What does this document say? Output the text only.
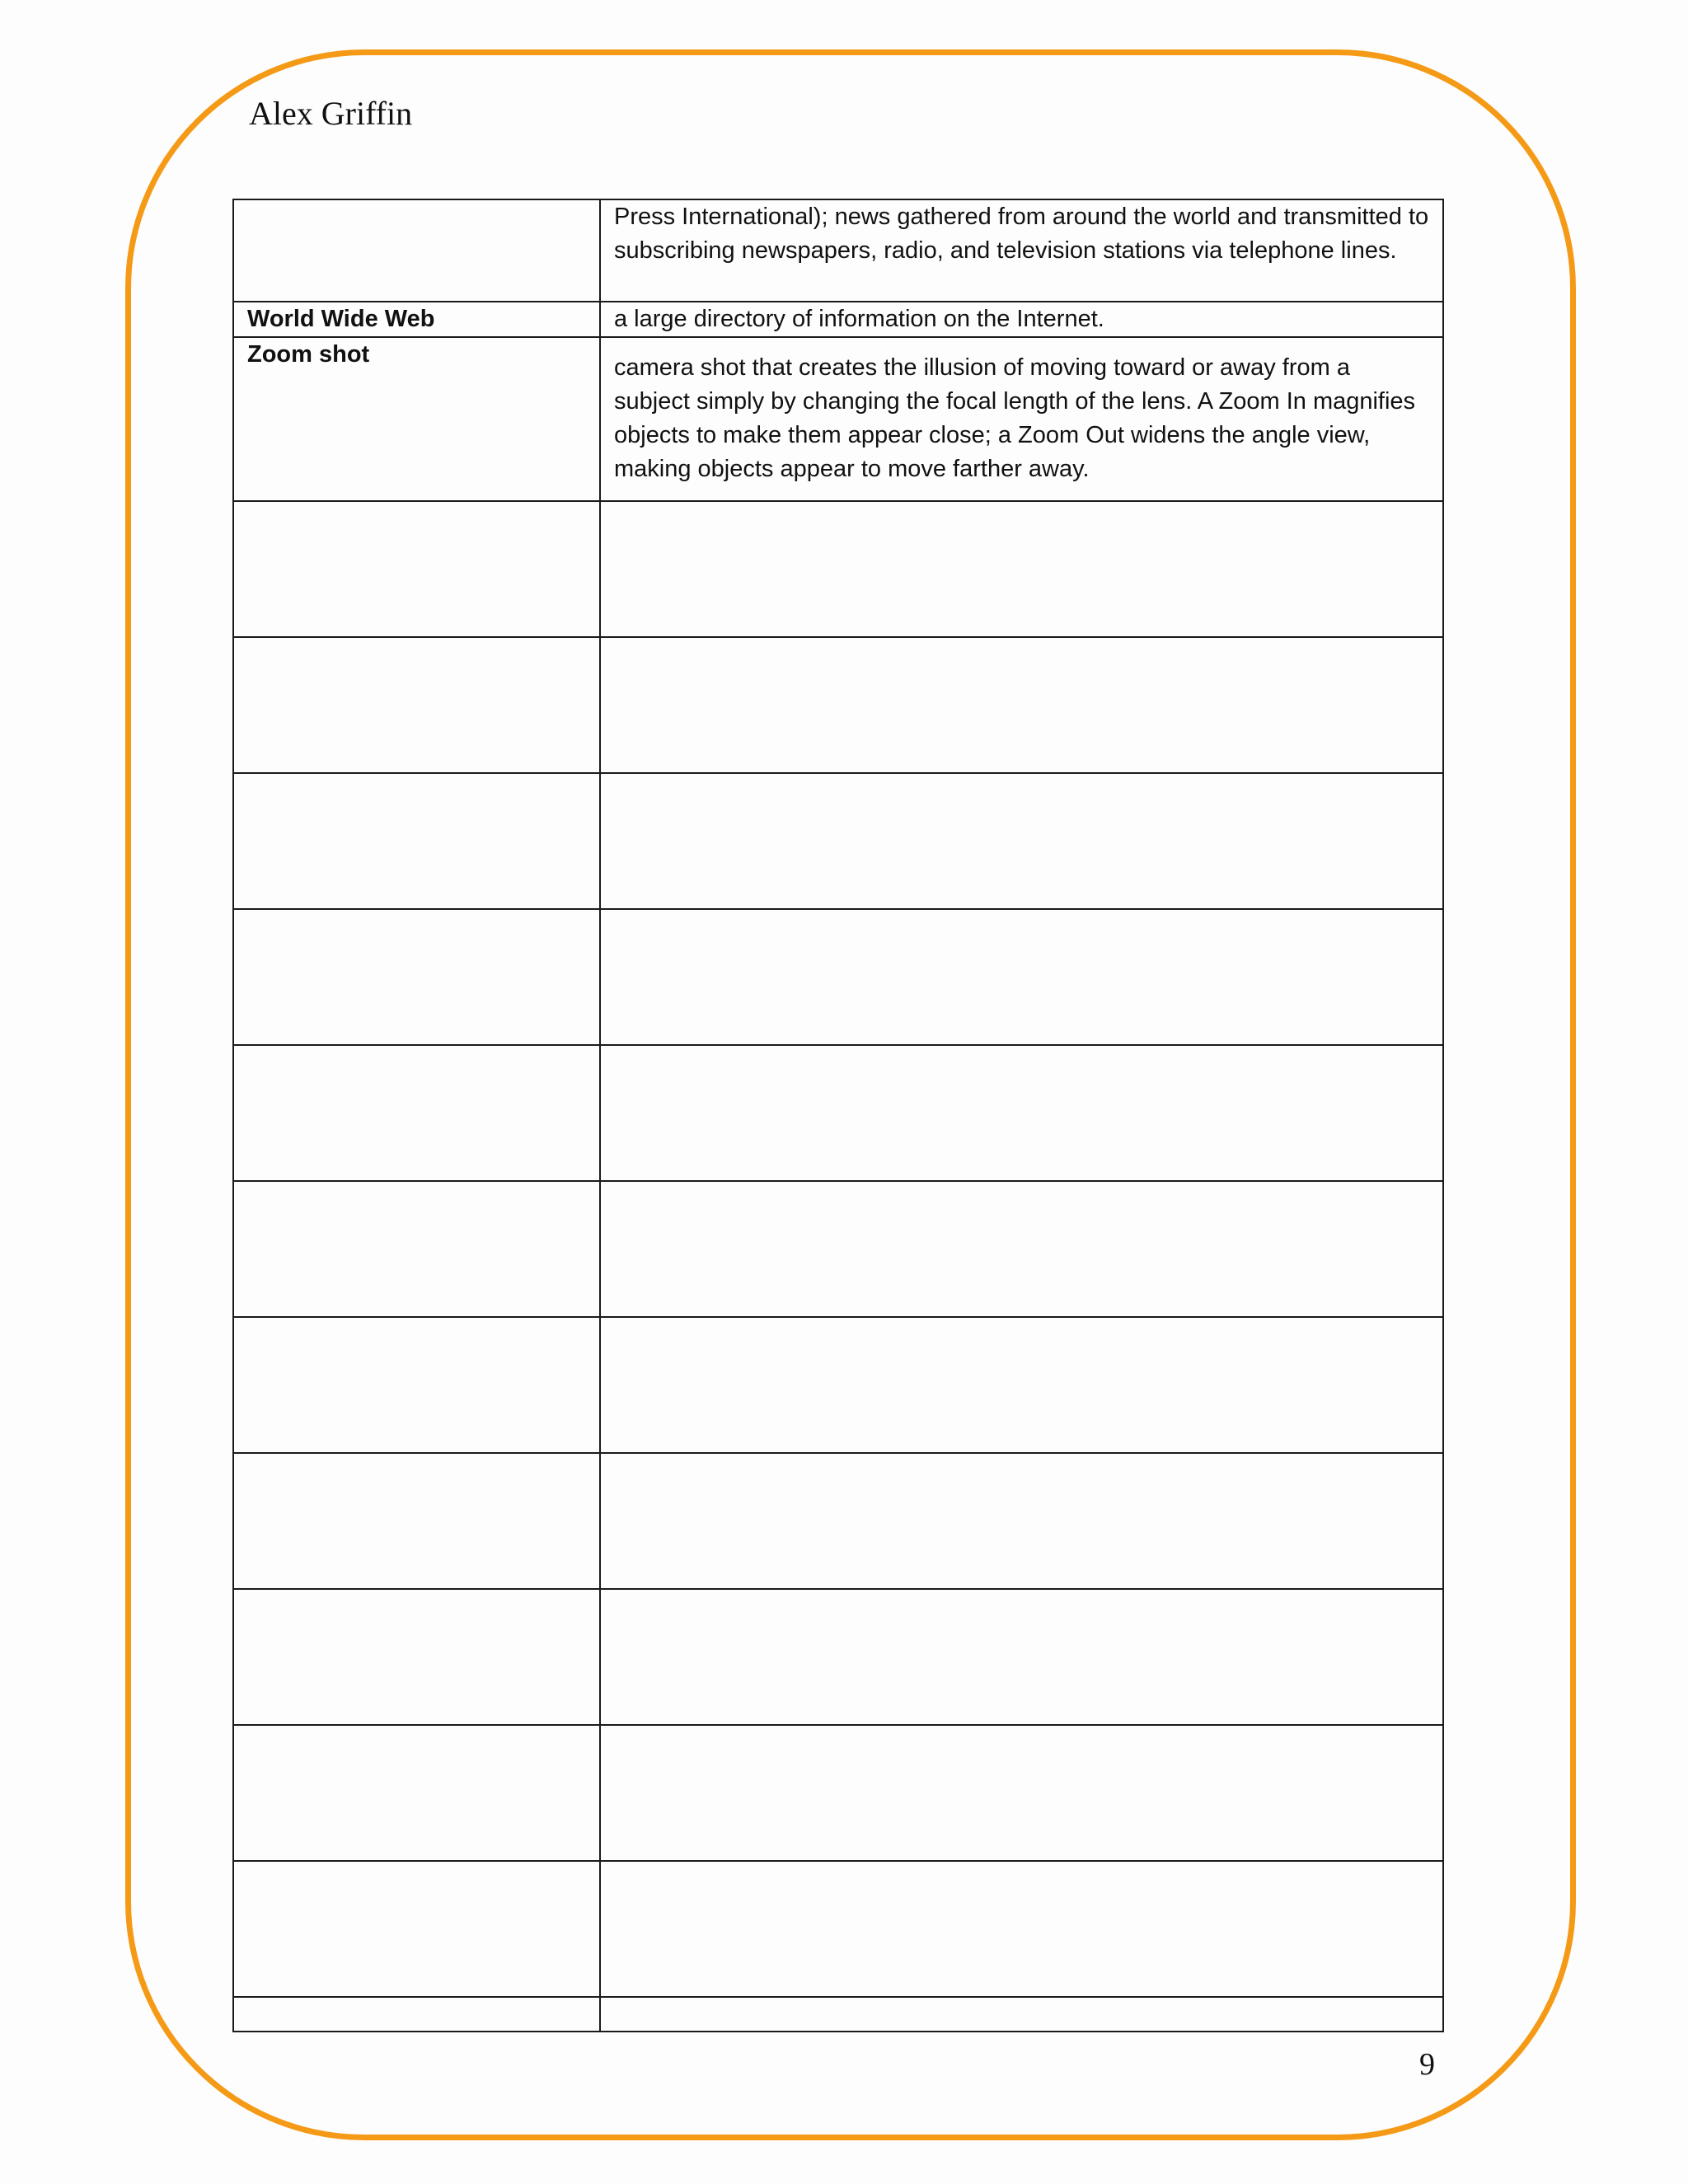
Alex Griffin
	Press International); news gathered from around the world and transmitted to subscribing newspapers, radio, and television stations via telephone lines.
World Wide Web	a large directory of information on the Internet.
Zoom shot	camera shot that creates the illusion of moving toward or away from a subject simply by changing the focal length of the lens. A Zoom In magnifies objects to make them appear close; a Zoom Out widens the angle view, making objects appear to move farther away.

9
